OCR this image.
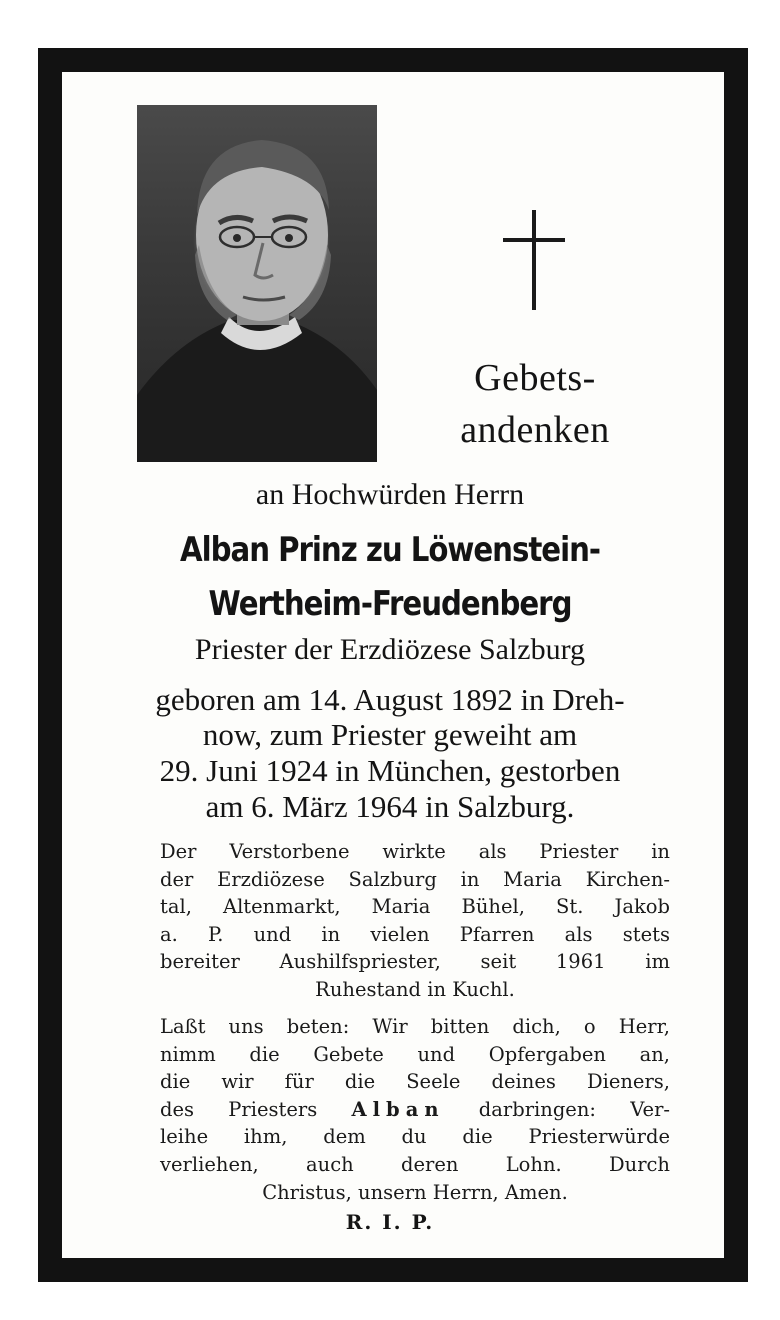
Gebets-
andenken
an Hochwürden Herrn
Alban Prinz zu Löwenstein-
Wertheim-Freudenberg
Priester der Erzdiözese Salzburg
geboren am 14. August 1892 in Dreh-
now, zum Priester geweiht am
29. Juni 1924 in München, gestorben
am 6. März 1964 in Salzburg.
Der Verstorbene wirkte als Priester in
der Erzdiözese Salzburg in Maria Kirchen-
tal, Altenmarkt, Maria Bühel, St. Jakob
a. P. und in vielen Pfarren als stets
bereiter Aushilfspriester, seit 1961 im
Ruhestand in Kuchl.
Laßt uns beten: Wir bitten dich, o Herr,
nimm die Gebete und Opfergaben an,
die wir für die Seele deines Dieners,
des Priesters Alban darbringen: Ver-
leihe ihm, dem du die Priesterwürde
verliehen, auch deren Lohn. Durch
Christus, unsern Herrn, Amen.
R. I. P.
